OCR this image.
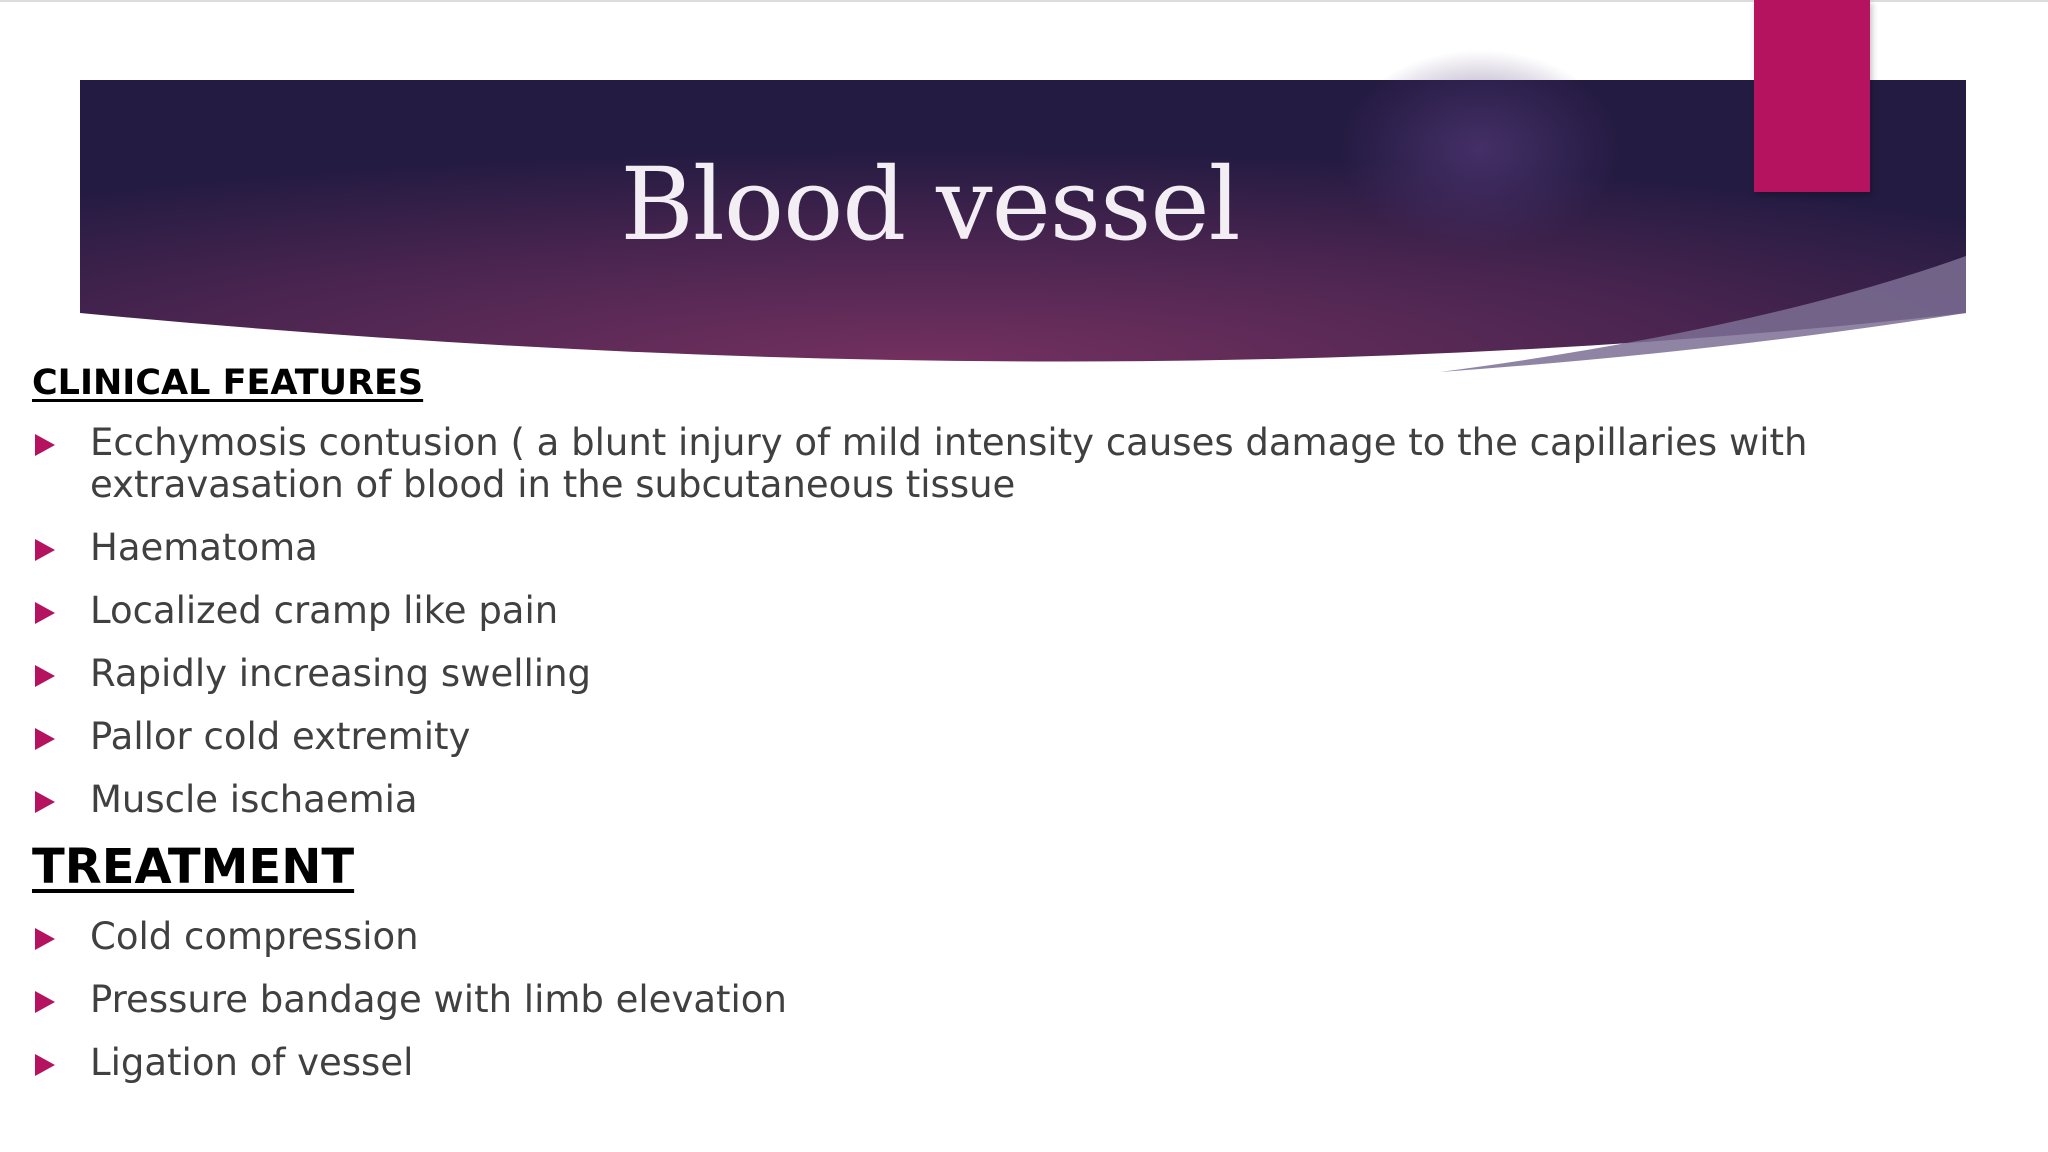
Blood vessel
CLINICAL FEATURES
Ecchymosis contusion ( a blunt injury of mild intensity causes damage to the capillaries with extravasation of blood in the subcutaneous tissue
Haematoma
Localized cramp like pain
Rapidly increasing swelling
Pallor cold extremity
Muscle ischaemia
TREATMENT
Cold compression
Pressure bandage with limb elevation
Ligation of vessel
